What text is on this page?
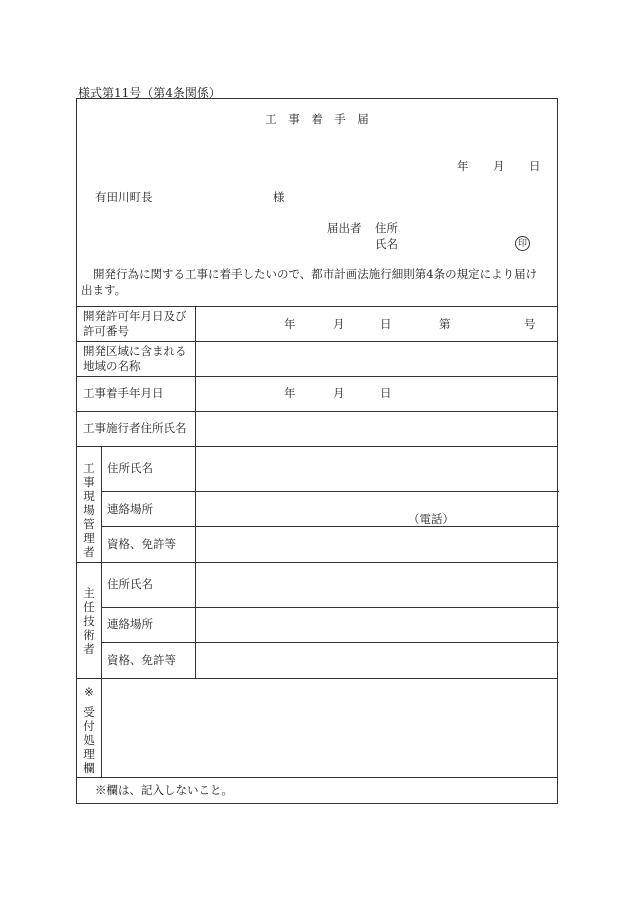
様式第11号（第4条関係）
工　事　着　手　届
年 月 日
有田川町長	様
届出者 住所
氏名	印
開発行為に関する工事に着手したいので、都市計画法施行細則第4条の規定により届け
出ます。
開発許可年月日及び
許可番号	年	月	日	第	号
開発区域に含まれる
地域の名称
工事着手年月日	年	月	日
工事施行者住所氏名
工事現場管理者
住所氏名
連絡場所
（電話）
資格、免許等
主任技術者
住所氏名
連絡場所
資格、免許等
※
受付処理欄
※欄は、記入しないこと。
